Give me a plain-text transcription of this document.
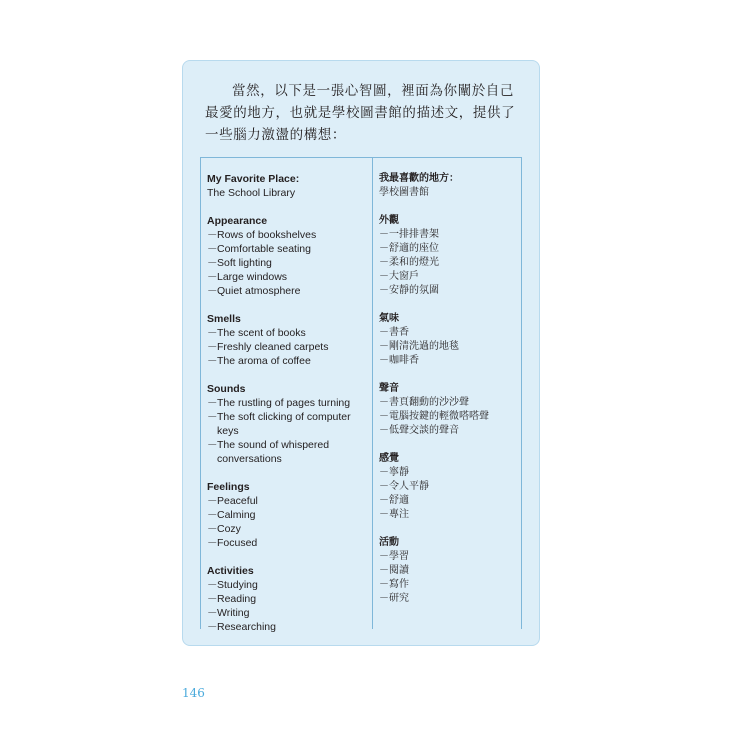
當然，以下是一張心智圖，裡面為你闡於自己最愛的地方，也就是學校圖書館的描述文，提供了一些腦力激盪的構想：

My Favorite Place:
The School Library
Appearance
－ Rows of bookshelves
－ Comfortable seating
－ Soft lighting
－ Large windows
－ Quiet atmosphere
Smells
－ The scent of books
－ Freshly cleaned carpets
－ The aroma of coffee
Sounds
－ The rustling of pages turning
－ The soft clicking of computer keys
－ The sound of whispered conversations
Feelings
－ Peaceful
－ Calming
－ Cozy
－ Focused
Activities
－ Studying
－ Reading
－ Writing
－ Researching
我最喜歡的地方：
學校圖書館
外觀
－ 一排排書架
－ 舒適的座位
－ 柔和的燈光
－ 大窗戶
－ 安靜的氛圍
氣味
－ 書香
－ 剛清洗過的地毯
－ 咖啡香
聲音
－ 書頁翻動的沙沙聲
－ 電腦按鍵的輕微嗒嗒聲
－ 低聲交談的聲音
感覺
－ 寧靜
－ 令人平靜
－ 舒適
－ 專注
活動
－ 學習
－ 閱讀
－ 寫作
－ 研究
146
